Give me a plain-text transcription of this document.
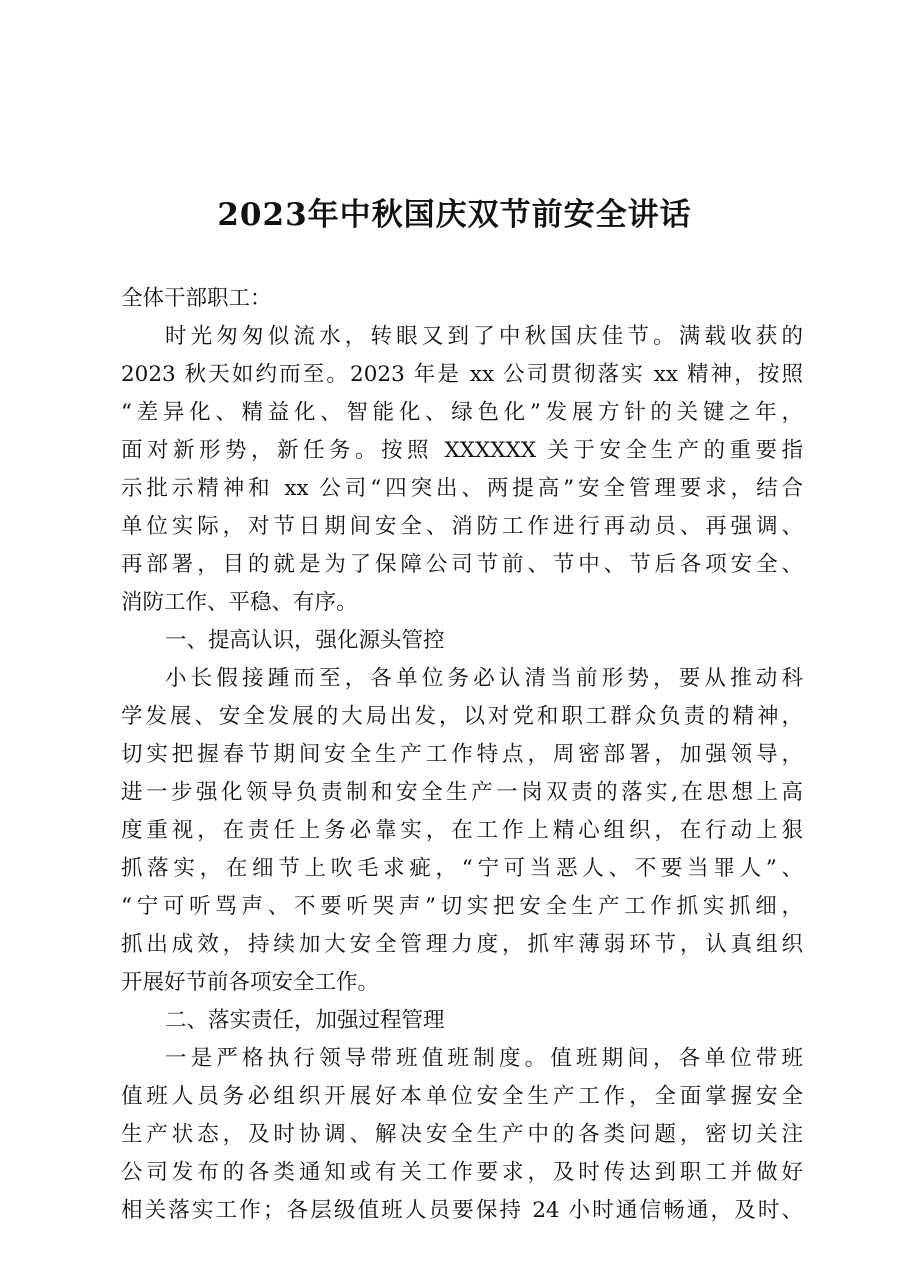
2023年中秋国庆双节前安全讲话
全体干部职工：
时光匆匆似流水，转眼又到了中秋国庆佳节。满载收获的
2023 秋天如约而至。2023 年是 xx 公司贯彻落实 xx 精神，按照
“差异化、精益化、智能化、绿色化”发展方针的关键之年，
面对新形势，新任务。按照 XXXXXX 关于安全生产的重要指
示批示精神和 xx 公司“四突出、两提高”安全管理要求，结合
单位实际，对节日期间安全、消防工作进行再动员、再强调、
再部署，目的就是为了保障公司节前、节中、节后各项安全、
消防工作、平稳、有序。
一、提高认识，强化源头管控
小长假接踵而至，各单位务必认清当前形势，要从推动科
学发展、安全发展的大局出发，以对党和职工群众负责的精神，
切实把握春节期间安全生产工作特点，周密部署，加强领导，
进一步强化领导负责制和安全生产一岗双责的落实,在思想上高
度重视，在责任上务必靠实，在工作上精心组织，在行动上狠
抓落实，在细节上吹毛求疵，“宁可当恶人、不要当罪人”、
“宁可听骂声、不要听哭声”切实把安全生产工作抓实抓细，
抓出成效，持续加大安全管理力度，抓牢薄弱环节，认真组织
开展好节前各项安全工作。
二、落实责任，加强过程管理
一是严格执行领导带班值班制度。值班期间，各单位带班
值班人员务必组织开展好本单位安全生产工作，全面掌握安全
生产状态，及时协调、解决安全生产中的各类问题，密切关注
公司发布的各类通知或有关工作要求，及时传达到职工并做好
相关落实工作；各层级值班人员要保持 24 小时通信畅通，及时、
